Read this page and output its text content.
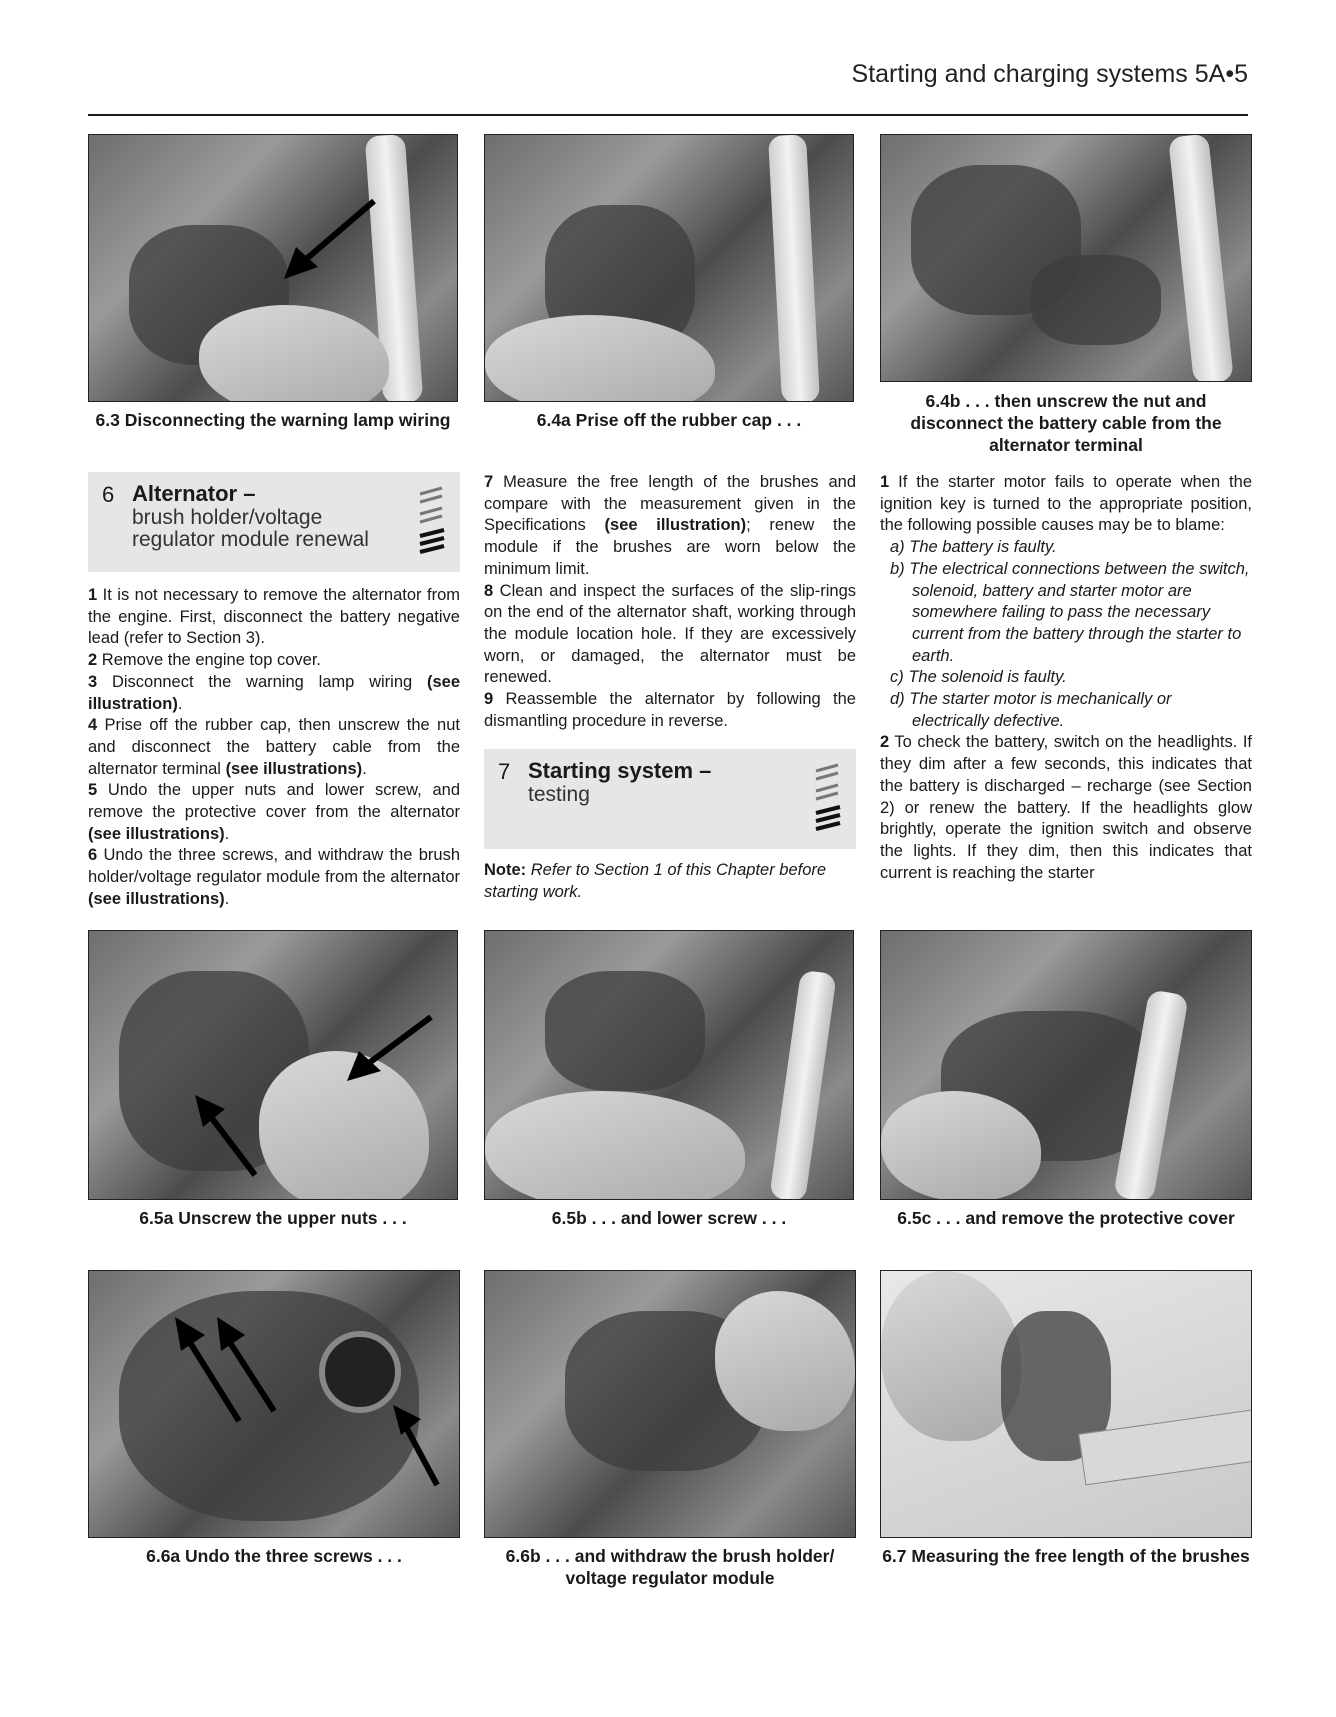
Starting and charging systems 5A•5
6.3 Disconnecting the warning lamp wiring	6.4a Prise off the rubber cap . . .
6.4b . . . then unscrew the nut and disconnect the battery cable from the alternator terminal
6 Alternator –
brush holder/voltage
regulator module renewal

1 It is not necessary to remove the alternator from the engine. First, disconnect the battery negative lead (refer to Section 3).

2 Remove the engine top cover.

3 Disconnect the warning lamp wiring (see illustration).

4 Prise off the rubber cap, then unscrew the nut and disconnect the battery cable from the alternator terminal (see illustrations).

5 Undo the upper nuts and lower screw, and remove the protective cover from the alternator (see illustrations).

6 Undo the three screws, and withdraw the brush holder/voltage regulator module from the alternator (see illustrations).

7 Measure the free length of the brushes and compare with the measurement given in the Specifications (see illustration); renew the module if the brushes are worn below the minimum limit.

8 Clean and inspect the surfaces of the slip-rings on the end of the alternator shaft, working through the module location hole. If they are excessively worn, or damaged, the alternator must be renewed.

9 Reassemble the alternator by following the dismantling procedure in reverse.

7 Starting system –
testing

Note: Refer to Section 1 of this Chapter before starting work.

1 If the starter motor fails to operate when the ignition key is turned to the appropriate position, the following possible causes may be to blame:

a) The battery is faulty.

b) The electrical connections between the switch, solenoid, battery and starter motor are somewhere failing to pass the necessary current from the battery through the starter to earth.

c) The solenoid is faulty.

d) The starter motor is mechanically or electrically defective.

2 To check the battery, switch on the headlights. If they dim after a few seconds, this indicates that the battery is discharged – recharge (see Section 2) or renew the battery. If the headlights glow brightly, operate the ignition switch and observe the lights. If they dim, then this indicates that current is reaching the starter

6.5a Unscrew the upper nuts . . .	6.5b . . . and lower screw . . .	6.5c . . . and remove the protective cover
6.6a Undo the three screws . . .	6.6b . . . and withdraw the brush holder/ voltage regulator module
6.7 Measuring the free length of the brushes
